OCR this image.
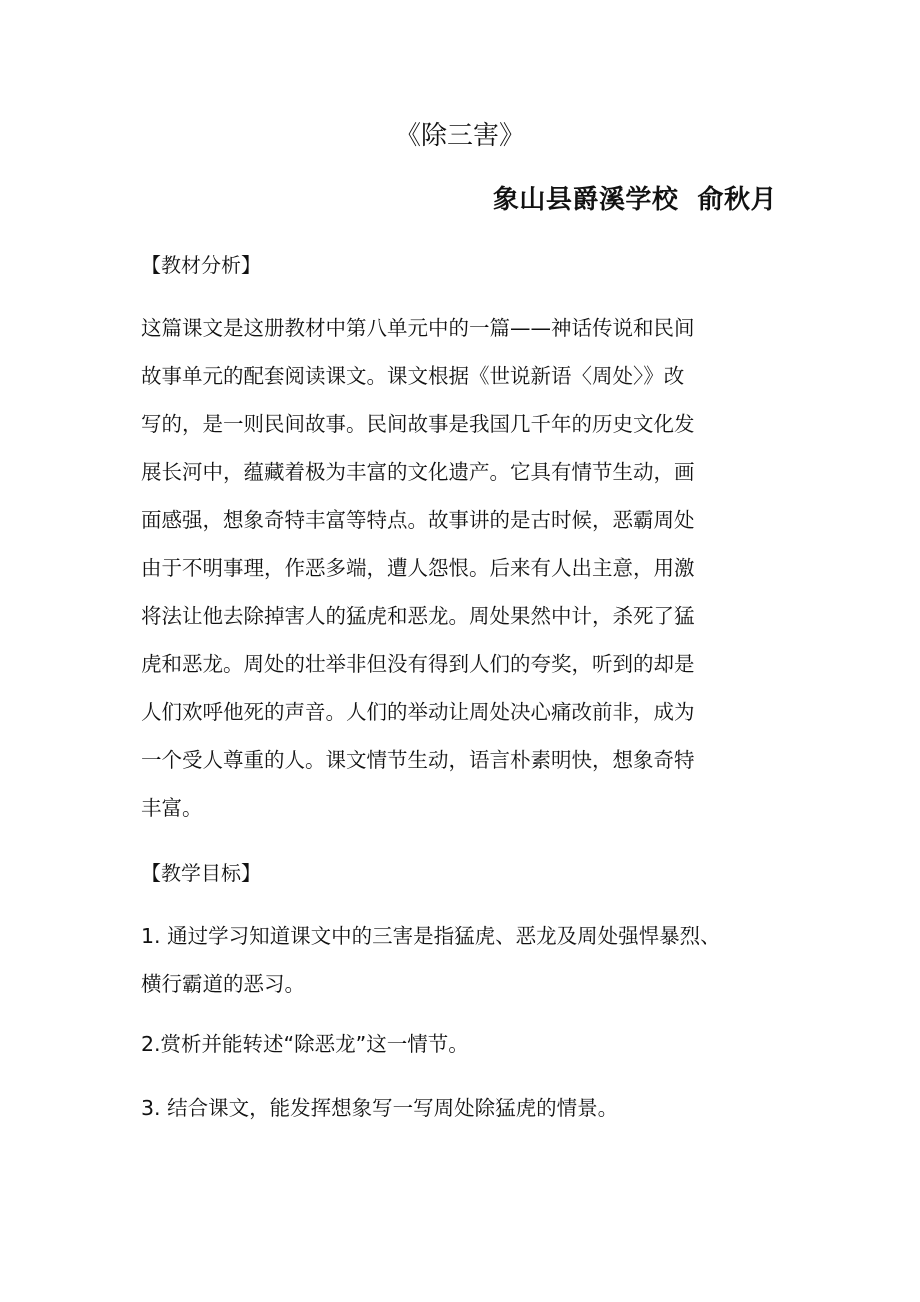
《除三害》
象山县爵溪学校  俞秋月
【教材分析】
这篇课文是这册教材中第八单元中的一篇——神话传说和民间
故事单元的配套阅读课文。课文根据《世说新语〈周处〉》改
写的，是一则民间故事。民间故事是我国几千年的历史文化发
展长河中，蕴藏着极为丰富的文化遗产。它具有情节生动，画
面感强，想象奇特丰富等特点。故事讲的是古时候，恶霸周处
由于不明事理，作恶多端，遭人怨恨。后来有人出主意，用激
将法让他去除掉害人的猛虎和恶龙。周处果然中计，杀死了猛
虎和恶龙。周处的壮举非但没有得到人们的夸奖，听到的却是
人们欢呼他死的声音。人们的举动让周处决心痛改前非，成为
一个受人尊重的人。课文情节生动，语言朴素明快，想象奇特
丰富。
【教学目标】
1. 通过学习知道课文中的三害是指猛虎、恶龙及周处强悍暴烈、
横行霸道的恶习。
2.赏析并能转述“除恶龙”这一情节。
3. 结合课文，能发挥想象写一写周处除猛虎的情景。
